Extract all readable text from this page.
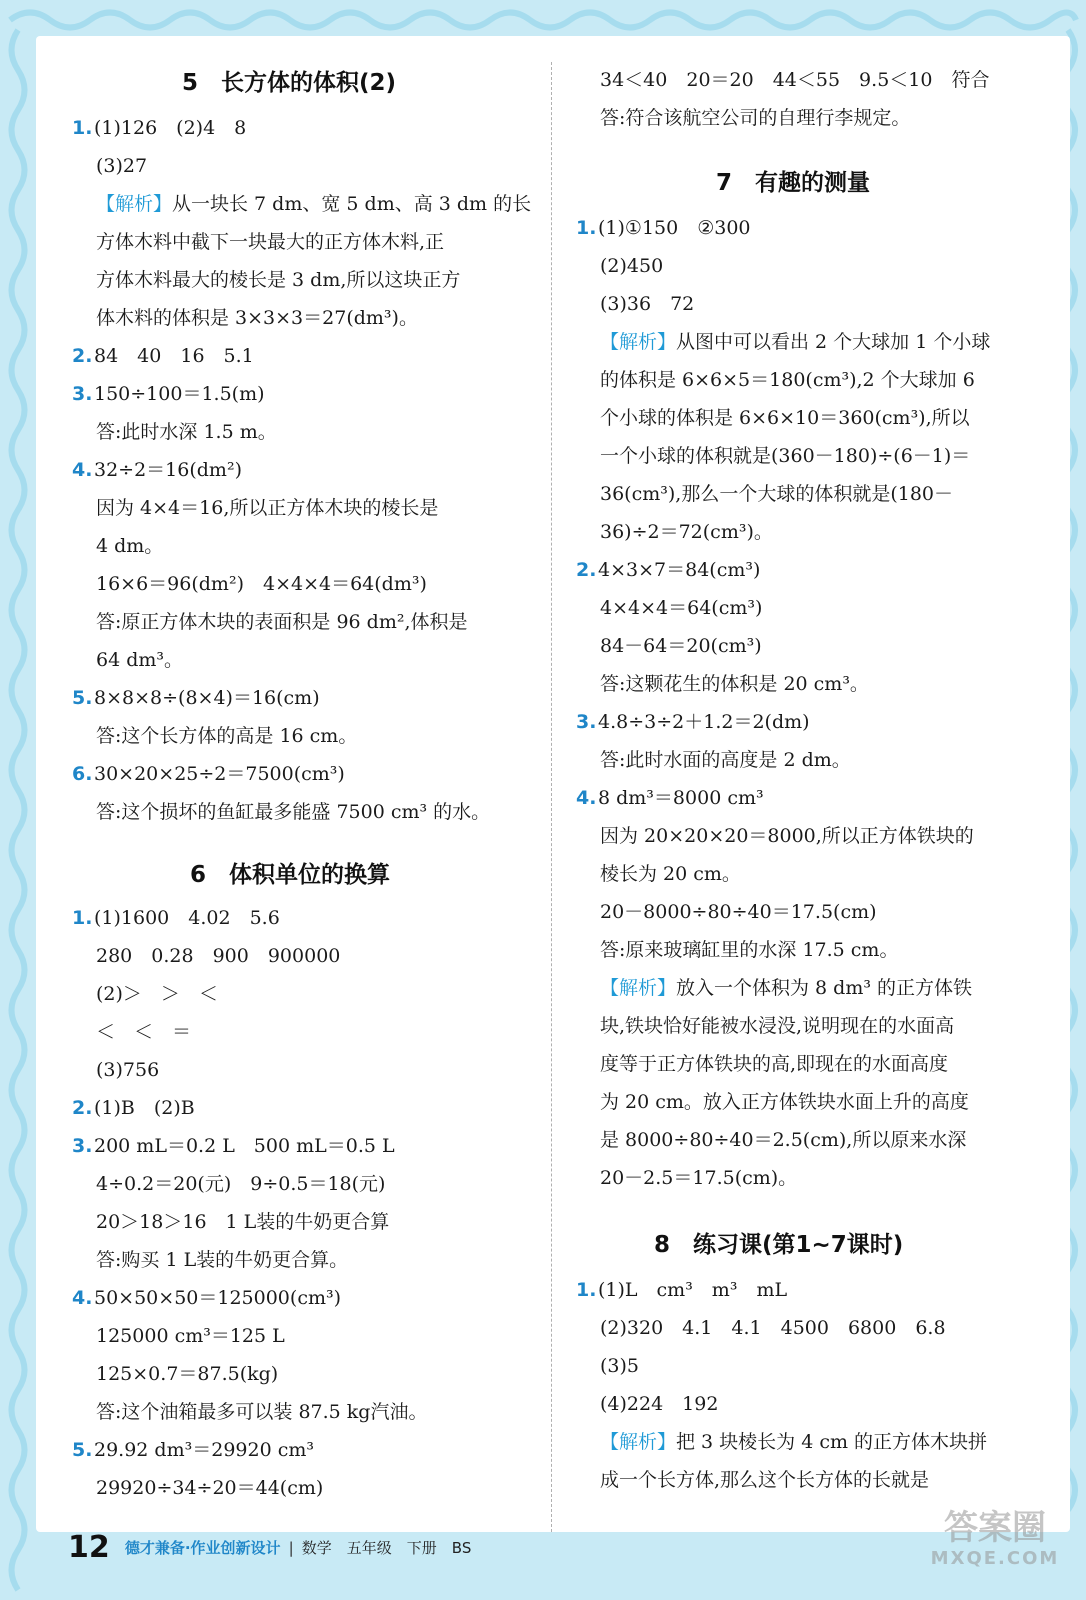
5　长方体的体积(2)
1.(1)126　(2)4　8
(3)27
【解析】从一块长 7 dm、宽 5 dm、高 3 dm 的长
方体木料中截下一块最大的正方体木料,正
方体木料最大的棱长是 3 dm,所以这块正方
体木料的体积是 3×3×3＝27(dm³)。
2.84　40　16　5.1
3.150÷100＝1.5(m)
答:此时水深 1.5 m。
4.32÷2＝16(dm²)
因为 4×4＝16,所以正方体木块的棱长是
4 dm。
16×6＝96(dm²)　4×4×4＝64(dm³)
答:原正方体木块的表面积是 96 dm²,体积是
64 dm³。
5.8×8×8÷(8×4)＝16(cm)
答:这个长方体的高是 16 cm。
6.30×20×25÷2＝7500(cm³)
答:这个损坏的鱼缸最多能盛 7500 cm³ 的水。
6　体积单位的换算
1.(1)1600　4.02　5.6
280　0.28　900　900000
(2)＞　＞　＜
＜　＜　＝
(3)756
2.(1)B　(2)B
3.200 mL＝0.2 L　500 mL＝0.5 L
4÷0.2＝20(元)　9÷0.5＝18(元)
20＞18＞16　1 L装的牛奶更合算
答:购买 1 L装的牛奶更合算。
4.50×50×50＝125000(cm³)
125000 cm³＝125 L
125×0.7＝87.5(kg)
答:这个油箱最多可以装 87.5 kg汽油。
5.29.92 dm³＝29920 cm³
29920÷34÷20＝44(cm)
34＜40　20＝20　44＜55　9.5＜10　符合
答:符合该航空公司的自理行李规定。
7　有趣的测量
1.(1)①150　②300
(2)450
(3)36　72
【解析】从图中可以看出 2 个大球加 1 个小球
的体积是 6×6×5＝180(cm³),2 个大球加 6
个小球的体积是 6×6×10＝360(cm³),所以
一个小球的体积就是(360－180)÷(6－1)＝
36(cm³),那么一个大球的体积就是(180－
36)÷2＝72(cm³)。
2.4×3×7＝84(cm³)
4×4×4＝64(cm³)
84－64＝20(cm³)
答:这颗花生的体积是 20 cm³。
3.4.8÷3÷2＋1.2＝2(dm)
答:此时水面的高度是 2 dm。
4.8 dm³＝8000 cm³
因为 20×20×20＝8000,所以正方体铁块的
棱长为 20 cm。
20－8000÷80÷40＝17.5(cm)
答:原来玻璃缸里的水深 17.5 cm。
【解析】放入一个体积为 8 dm³ 的正方体铁
块,铁块恰好能被水浸没,说明现在的水面高
度等于正方体铁块的高,即现在的水面高度
为 20 cm。放入正方体铁块水面上升的高度
是 8000÷80÷40＝2.5(cm),所以原来水深
20－2.5＝17.5(cm)。
8　练习课(第1~7课时)
1.(1)L　cm³　m³　mL
(2)320　4.1　4.1　4500　6800　6.8
(3)5
(4)224　192
【解析】把 3 块棱长为 4 cm 的正方体木块拼
成一个长方体,那么这个长方体的长就是
12 德才兼备·作业创新设计 | 数学　五年级　下册　BS	答案圈
MXQE.COM
